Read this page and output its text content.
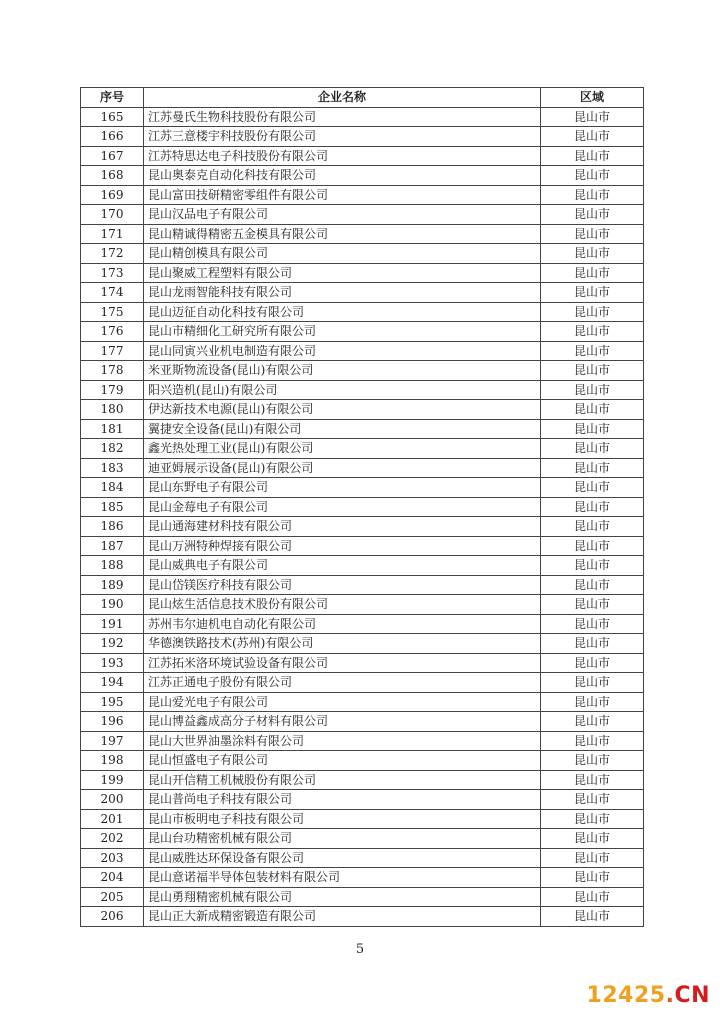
序号	企业名称	区域
165	江苏曼氏生物科技股份有限公司	昆山市
166	江苏三意楼宇科技股份有限公司	昆山市
167	江苏特思达电子科技股份有限公司	昆山市
168	昆山奥泰克自动化科技有限公司	昆山市
169	昆山富田技研精密零组件有限公司	昆山市
170	昆山汉品电子有限公司	昆山市
171	昆山精诚得精密五金模具有限公司	昆山市
172	昆山精创模具有限公司	昆山市
173	昆山聚威工程塑料有限公司	昆山市
174	昆山龙雨智能科技有限公司	昆山市
175	昆山迈征自动化科技有限公司	昆山市
176	昆山市精细化工研究所有限公司	昆山市
177	昆山同寅兴业机电制造有限公司	昆山市
178	米亚斯物流设备(昆山)有限公司	昆山市
179	阳兴造机(昆山)有限公司	昆山市
180	伊达新技术电源(昆山)有限公司	昆山市
181	翼捷安全设备(昆山)有限公司	昆山市
182	鑫光热处理工业(昆山)有限公司	昆山市
183	迪亚姆展示设备(昆山)有限公司	昆山市
184	昆山东野电子有限公司	昆山市
185	昆山金莓电子有限公司	昆山市
186	昆山通海建材科技有限公司	昆山市
187	昆山万洲特种焊接有限公司	昆山市
188	昆山威典电子有限公司	昆山市
189	昆山岱镁医疗科技有限公司	昆山市
190	昆山炫生活信息技术股份有限公司	昆山市
191	苏州韦尔迪机电自动化有限公司	昆山市
192	华德澳铁路技术(苏州)有限公司	昆山市
193	江苏拓米洛环境试验设备有限公司	昆山市
194	江苏正通电子股份有限公司	昆山市
195	昆山爱光电子有限公司	昆山市
196	昆山博益鑫成高分子材料有限公司	昆山市
197	昆山大世界油墨涂料有限公司	昆山市
198	昆山恒盛电子有限公司	昆山市
199	昆山开信精工机械股份有限公司	昆山市
200	昆山普尚电子科技有限公司	昆山市
201	昆山市板明电子科技有限公司	昆山市
202	昆山台功精密机械有限公司	昆山市
203	昆山威胜达环保设备有限公司	昆山市
204	昆山意诺福半导体包装材料有限公司	昆山市
205	昆山勇翔精密机械有限公司	昆山市
206	昆山正大新成精密锻造有限公司	昆山市
5
12425.CN
